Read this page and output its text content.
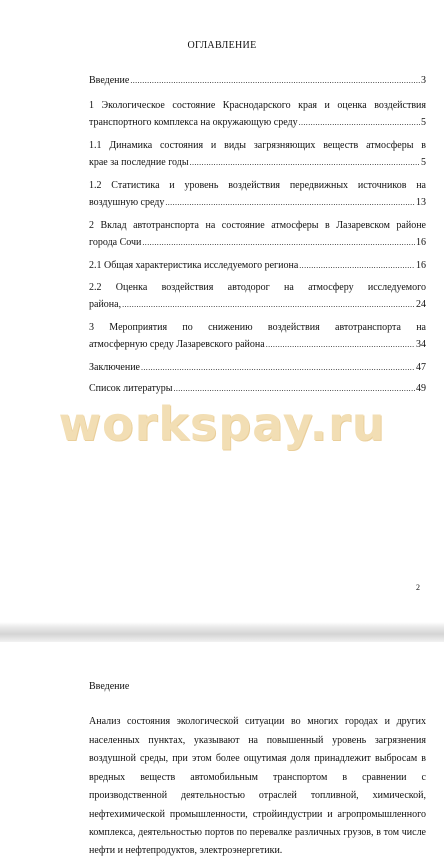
ОГЛАВЛЕНИЕ
Введение .....	3
1 Экологическое состояние Краснодарского края и оценка воздействия
транспортного комплекса на окружающую среду .....	5
1.1 Динамика состояния и виды загрязняющих веществ атмосферы в
крае за последние годы .....	5
1.2 Статистика и уровень воздействия передвижных источников на
воздушную среду .....	13
2 Вклад автотранспорта на состояние атмосферы в Лазаревском районе
города Сочи .....	16
2.1 Общая характеристика исследуемого региона .....	16
2.2 Оценка воздействия автодорог на атмосферу исследуемого
района, .....	24
3 Мероприятия по снижению воздействия автотранспорта на
атмосферную среду Лазаревского района .....	34
Заключение .....	47
Список литературы .....	49
workspay.ru
2
Введение
Анализ состояния экологической ситуации во многих городах и других
населенных пунктах, указывают на повышенный уровень загрязнения
воздушной среды, при этом более ощутимая доля принадлежит выбросам в
вредных веществ автомобильным транспортом в сравнении с
производственной деятельностью отраслей топливной, химической,
нефтехимической промышленности, стройиндустрии и агропромышленного
комплекса, деятельностью портов по перевалке различных грузов, в том числе
нефти и нефтепродуктов, электроэнергетики.
